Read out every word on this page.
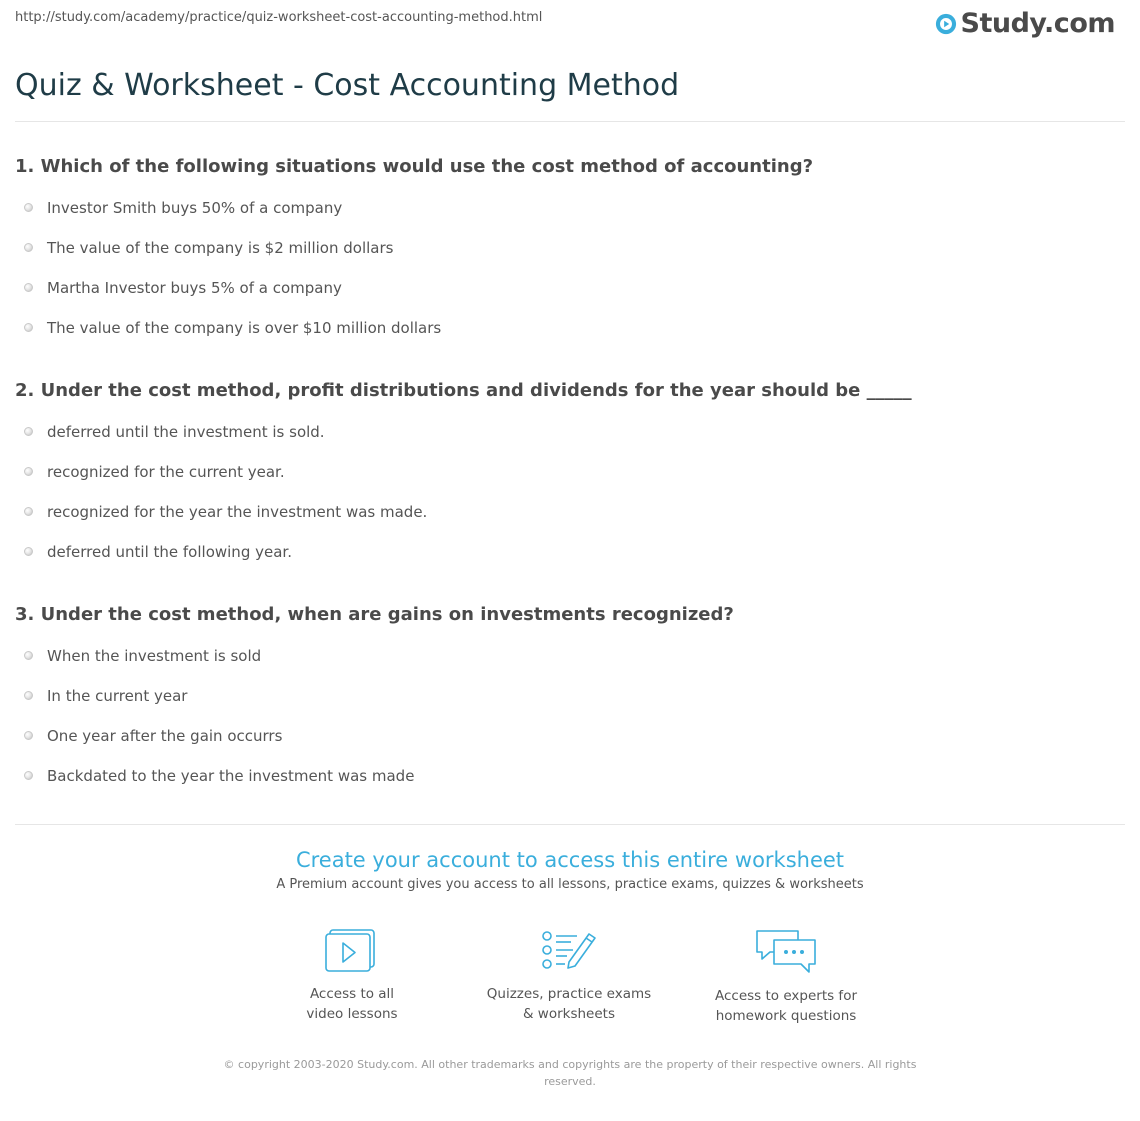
http://study.com/academy/practice/quiz-worksheet-cost-accounting-method.html	Study.com
Quiz & Worksheet - Cost Accounting Method
1. Which of the following situations would use the cost method of accounting?
Investor Smith buys 50% of a company
The value of the company is $2 million dollars
Martha Investor buys 5% of a company
The value of the company is over $10 million dollars
2. Under the cost method, profit distributions and dividends for the year should be _____
deferred until the investment is sold.
recognized for the current year.
recognized for the year the investment was made.
deferred until the following year.
3. Under the cost method, when are gains on investments recognized?
When the investment is sold
In the current year
One year after the gain occurrs
Backdated to the year the investment was made

Create your account to access this entire worksheet

A Premium account gives you access to all lessons, practice exams, quizzes & worksheets

Access to all
video lessons
Quizzes, practice exams
& worksheets
Access to experts for
homework questions
© copyright 2003-2020 Study.com. All other trademarks and copyrights are the property of their respective owners. All rights reserved.
